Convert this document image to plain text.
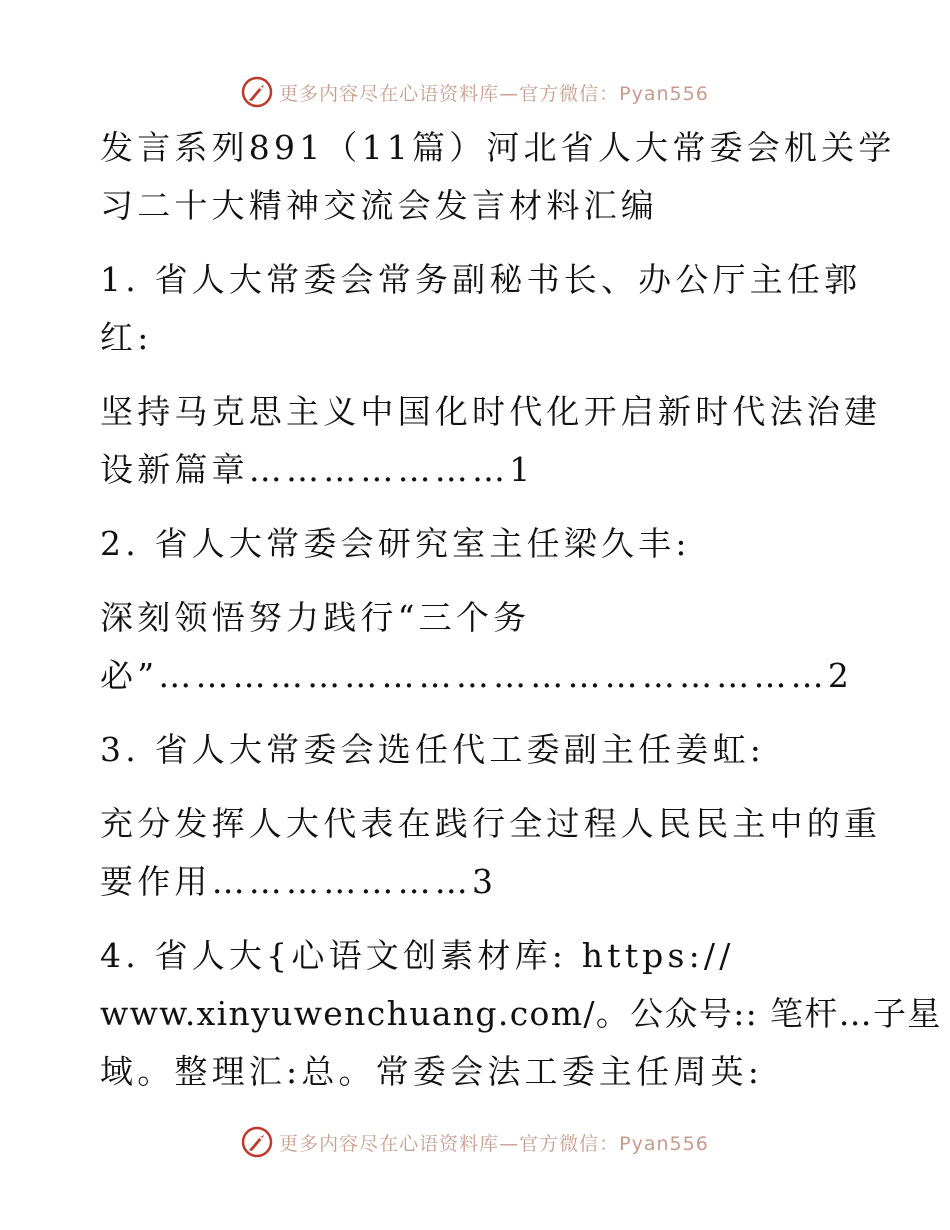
更多内容尽在心语资料库—官方微信：Pyan556
发言系列891（11篇）河北省人大常委会机关学
习二十大精神交流会发言材料汇编
1. 省人大常委会常务副秘书长、办公厅主任郭
红:
坚持马克思主义中国化时代化开启新时代法治建
设新篇章…………………1
2. 省人大常委会研究室主任梁久丰:
深刻领悟努力践行“三个务
必”………………………………………………2
3. 省人大常委会选任代工委副主任姜虹:
充分发挥人大代表在践行全过程人民民主中的重
要作用…………………3
4. 省人大{心语文创素材库: https://
www.xinyuwenchuang.com/。公众号:: 笔杆…子星
域。整理汇:总。常委会法工委主任周英:
更多内容尽在心语资料库—官方微信：Pyan556
